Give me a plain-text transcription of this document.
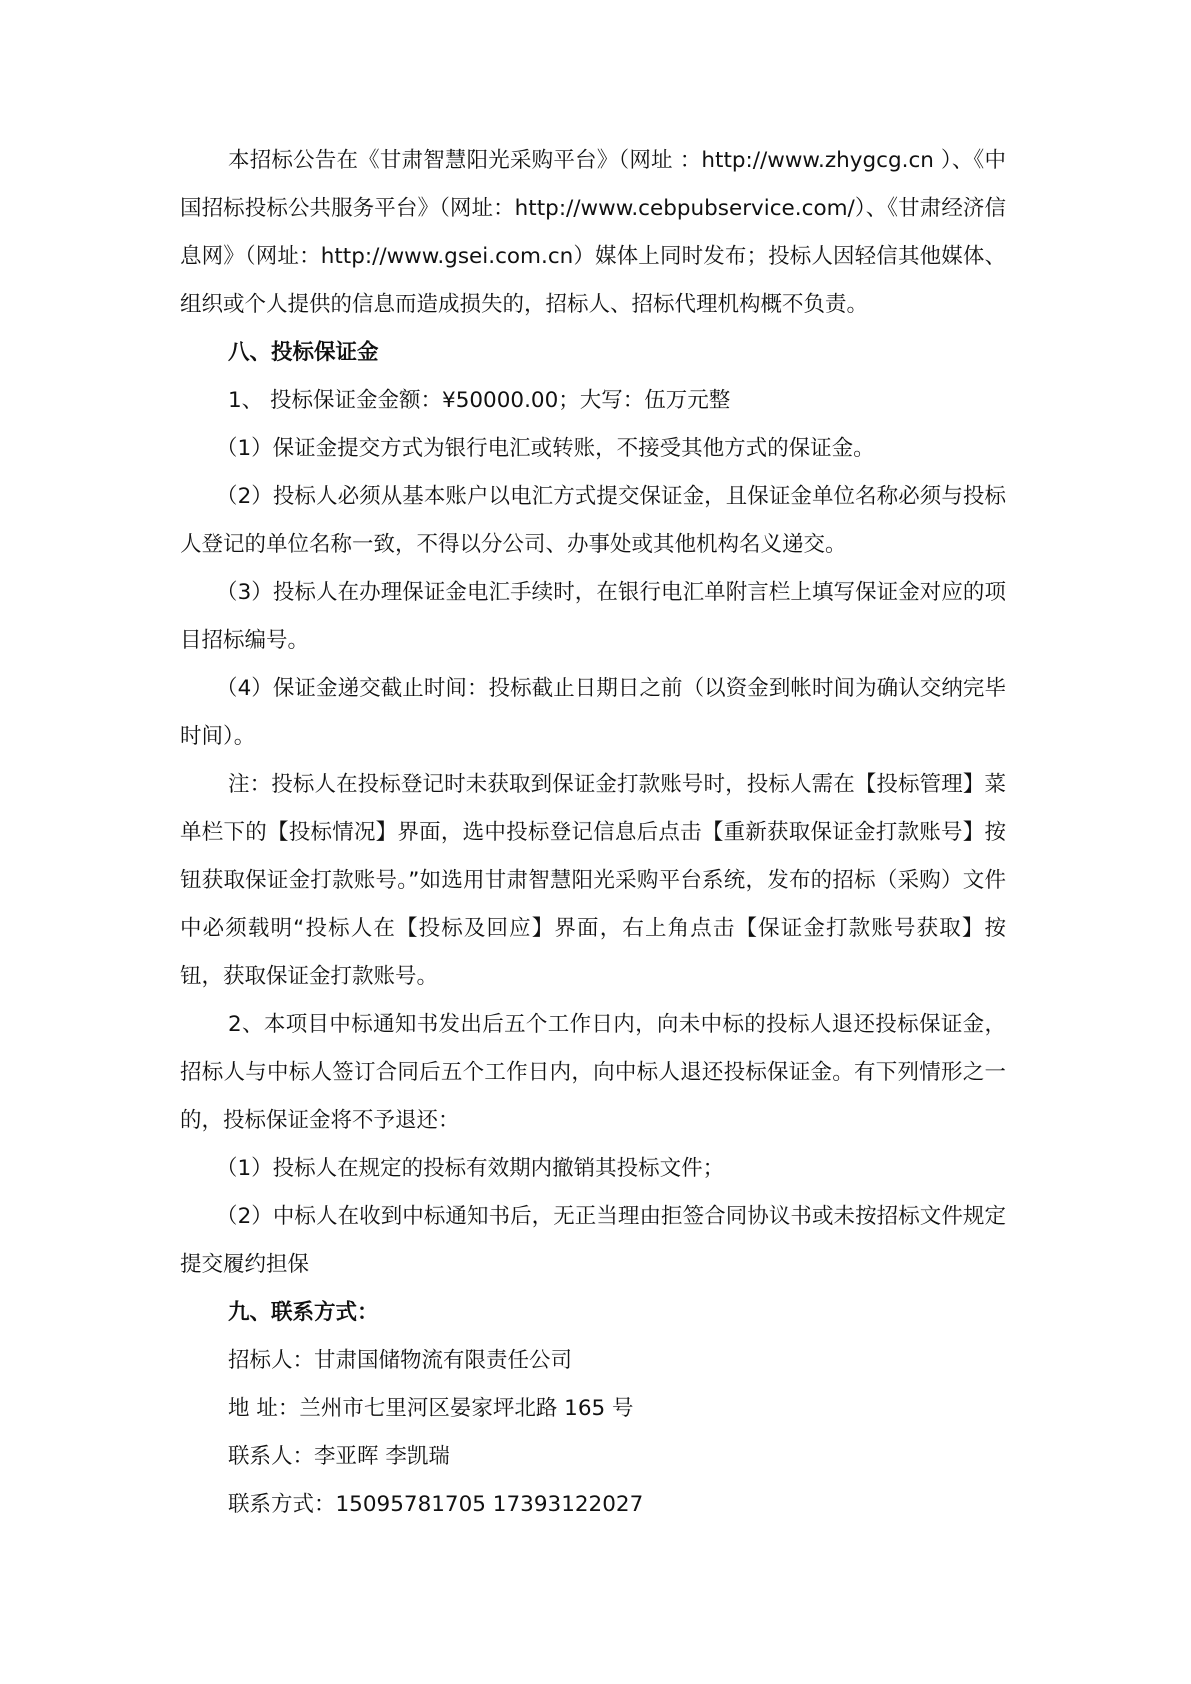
本招标公告在《甘肃智慧阳光采购平台》（网址 ：http://www.zhygcg.cn ）、《中国招标投标公共服务平台》（网址：http://www.cebpubservice.com/）、《甘肃经济信息网》（网址：http://www.gsei.com.cn）媒体上同时发布；投标人因轻信其他媒体、组织或个人提供的信息而造成损失的，招标人、招标代理机构概不负责。

八、投标保证金

1、 投标保证金金额：¥50000.00；大写：伍万元整

（1）保证金提交方式为银行电汇或转账，不接受其他方式的保证金。

（2）投标人必须从基本账户以电汇方式提交保证金，且保证金单位名称必须与投标人登记的单位名称一致，不得以分公司、办事处或其他机构名义递交。

（3）投标人在办理保证金电汇手续时，在银行电汇单附言栏上填写保证金对应的项目招标编号。

（4）保证金递交截止时间：投标截止日期日之前（以资金到帐时间为确认交纳完毕时间）。

注：投标人在投标登记时未获取到保证金打款账号时，投标人需在【投标管理】菜单栏下的【投标情况】界面，选中投标登记信息后点击【重新获取保证金打款账号】按钮获取保证金打款账号。”如选用甘肃智慧阳光采购平台系统，发布的招标（采购）文件中必须载明“投标人在【投标及回应】界面，右上角点击【保证金打款账号获取】按钮，获取保证金打款账号。

2、本项目中标通知书发出后五个工作日内，向未中标的投标人退还投标保证金，招标人与中标人签订合同后五个工作日内，向中标人退还投标保证金。有下列情形之一的，投标保证金将不予退还：

（1）投标人在规定的投标有效期内撤销其投标文件；

（2）中标人在收到中标通知书后，无正当理由拒签合同协议书或未按招标文件规定提交履约担保

九、联系方式：

招标人：甘肃国储物流有限责任公司

地 址：兰州市七里河区晏家坪北路 165 号

联系人：李亚晖 李凯瑞

联系方式：15095781705 17393122027
